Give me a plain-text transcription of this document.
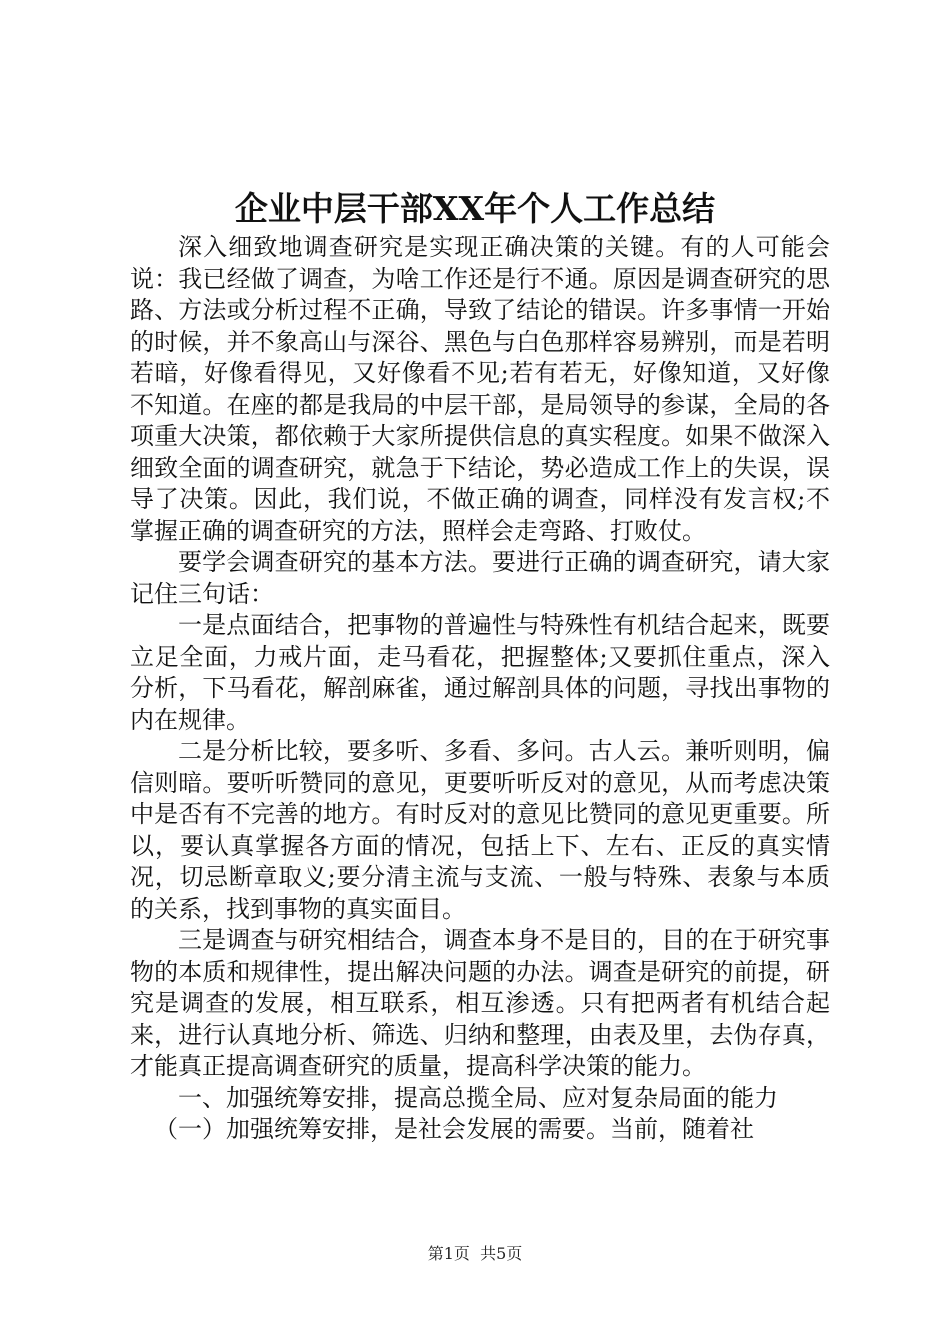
企业中层干部XX年个人工作总结

深入细致地调查研究是实现正确决策的关键。有的人可能会说：我已经做了调查，为啥工作还是行不通。原因是调查研究的思路、方法或分析过程不正确，导致了结论的错误。许多事情一开始的时候，并不象高山与深谷、黑色与白色那样容易辨别，而是若明若暗，好像看得见，又好像看不见;若有若无，好像知道，又好像不知道。在座的都是我局的中层干部，是局领导的参谋，全局的各项重大决策，都依赖于大家所提供信息的真实程度。如果不做深入细致全面的调查研究，就急于下结论，势必造成工作上的失误，误导了决策。因此，我们说，不做正确的调查，同样没有发言权;不掌握正确的调查研究的方法，照样会走弯路、打败仗。

要学会调查研究的基本方法。要进行正确的调查研究，请大家记住三句话：

一是点面结合，把事物的普遍性与特殊性有机结合起来，既要立足全面，力戒片面，走马看花，把握整体;又要抓住重点，深入分析，下马看花，解剖麻雀，通过解剖具体的问题，寻找出事物的内在规律。

二是分析比较，要多听、多看、多问。古人云。兼听则明，偏信则暗。要听听赞同的意见，更要听听反对的意见，从而考虑决策中是否有不完善的地方。有时反对的意见比赞同的意见更重要。所以，要认真掌握各方面的情况，包括上下、左右、正反的真实情况，切忌断章取义;要分清主流与支流、一般与特殊、表象与本质的关系，找到事物的真实面目。

三是调查与研究相结合，调查本身不是目的，目的在于研究事物的本质和规律性，提出解决问题的办法。调查是研究的前提，研究是调查的发展，相互联系，相互渗透。只有把两者有机结合起来，进行认真地分析、筛选、归纳和整理，由表及里，去伪存真，才能真正提高调查研究的质量，提高科学决策的能力。

一、加强统筹安排，提高总揽全局、应对复杂局面的能力

（一）加强统筹安排，是社会发展的需要。当前，随着社

第1页  共5页
